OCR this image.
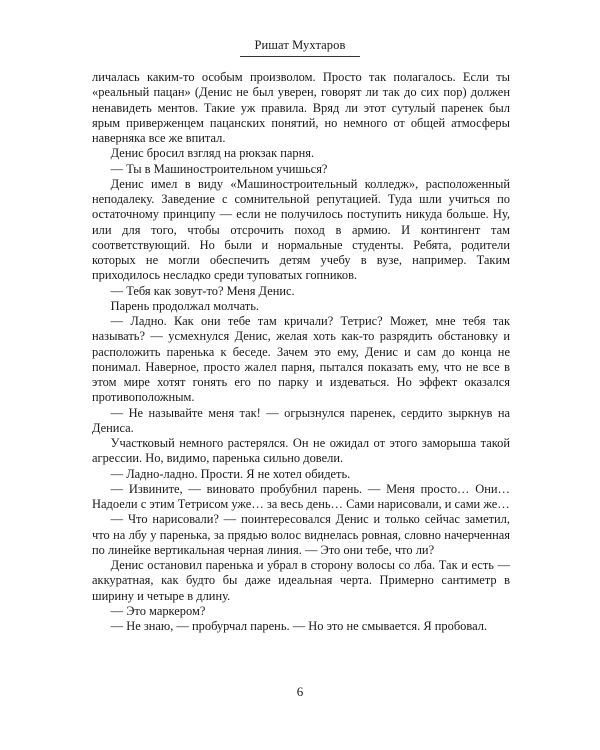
Ришат Мухтаров

личалась каким-то особым произволом. Просто так полагалось. Если ты «реальный пацан» (Денис не был уверен, говорят ли так до сих пор) должен ненавидеть ментов. Такие уж правила. Вряд ли этот сутулый паренек был ярым приверженцем пацанских понятий, но немного от общей атмосферы наверняка все же впитал.

Денис бросил взгляд на рюкзак парня.

— Ты в Машиностроительном учишься?

Денис имел в виду «Машиностроительный колледж», расположенный неподалеку. Заведение с сомнительной репутацией. Туда шли учиться по остаточному принципу — если не получилось поступить никуда больше. Ну, или для того, чтобы отсрочить поход в армию. И контингент там соответствующий. Но были и нормальные студенты. Ребята, родители которых не могли обеспечить детям учебу в вузе, например. Таким приходилось несладко среди туповатых гопников.

— Тебя как зовут-то? Меня Денис.

Парень продолжал молчать.

— Ладно. Как они тебе там кричали? Тетрис? Может, мне тебя так называть? — усмехнулся Денис, желая хоть как-то разрядить обстановку и расположить паренька к беседе. Зачем это ему, Денис и сам до конца не понимал. Наверное, просто жалел парня, пытался показать ему, что не все в этом мире хотят гонять его по парку и издеваться. Но эффект оказался противоположным.

— Не называйте меня так! — огрызнулся паренек, сердито зыркнув на Дениса.

Участковый немного растерялся. Он не ожидал от этого заморыша такой агрессии. Но, видимо, паренька сильно довели.

— Ладно-ладно. Прости. Я не хотел обидеть.

— Извините, — виновато пробубнил парень. — Меня просто… Они… Надоели с этим Тетрисом уже… за весь день… Сами нарисовали, и сами же…

— Что нарисовали? — поинтересовался Денис и только сейчас заметил, что на лбу у паренька, за прядью волос виднелась ровная, словно начерченная по линейке вертикальная черная линия. — Это они тебе, что ли?

Денис остановил паренька и убрал в сторону волосы со лба. Так и есть — аккуратная, как будто бы даже идеальная черта. Примерно сантиметр в ширину и четыре в длину.

— Это маркером?

— Не знаю, — пробурчал парень. — Но это не смывается. Я пробовал.

6
